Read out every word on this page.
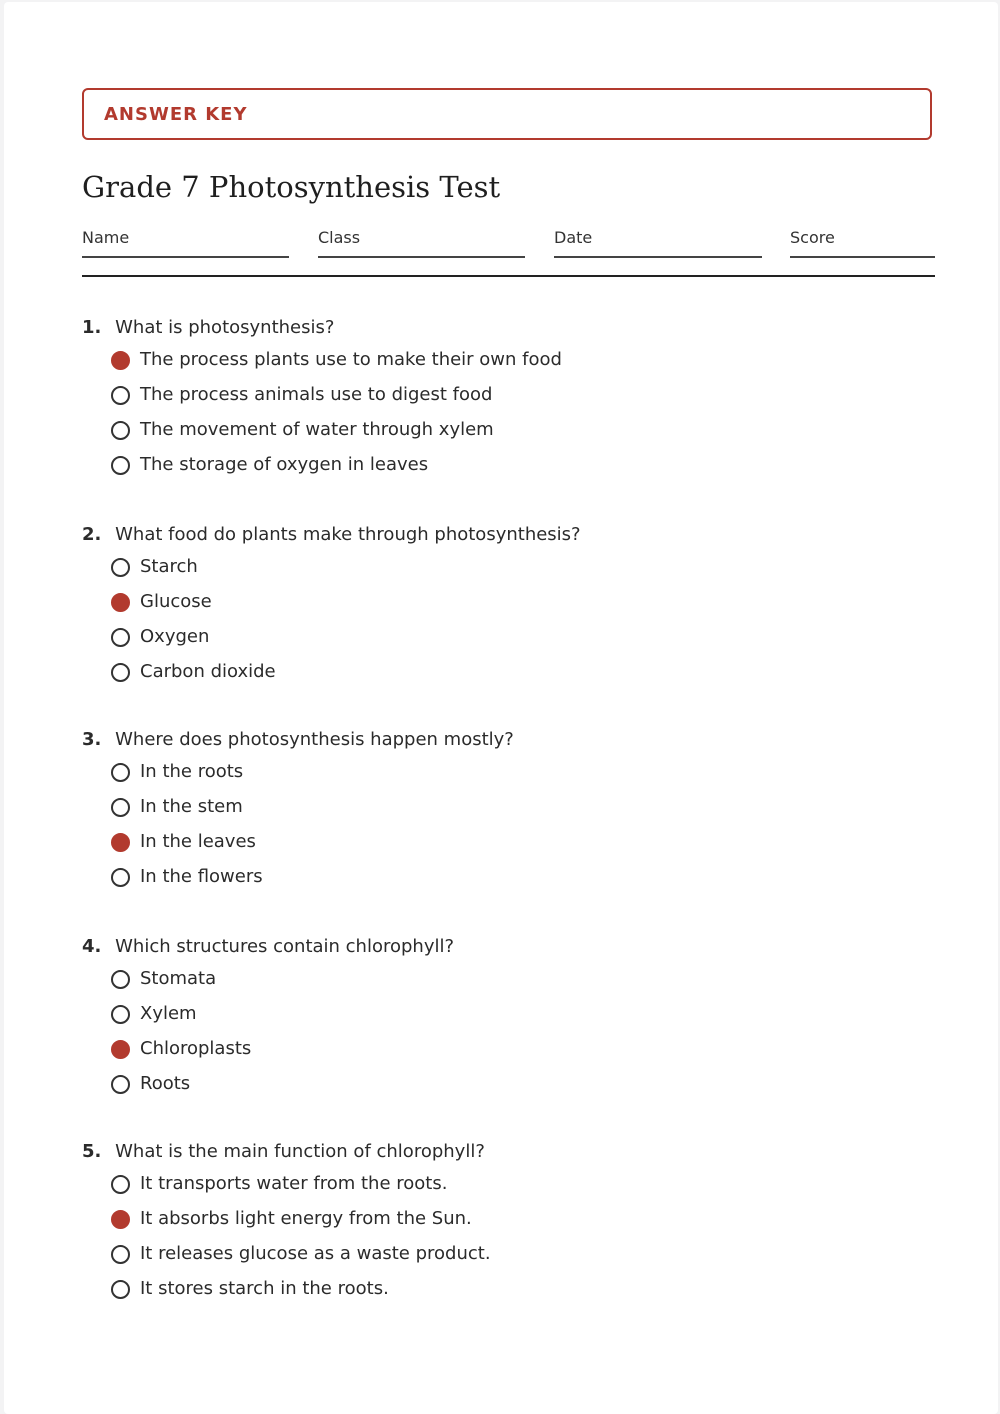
ANSWER KEY
Grade 7 Photosynthesis Test
Name	Class	Date	Score
1. What is photosynthesis?
The process plants use to make their own food
The process animals use to digest food
The movement of water through xylem
The storage of oxygen in leaves
2. What food do plants make through photosynthesis?
Starch
Glucose
Oxygen
Carbon dioxide
3. Where does photosynthesis happen mostly?
In the roots
In the stem
In the leaves
In the flowers
4. Which structures contain chlorophyll?
Stomata
Xylem
Chloroplasts
Roots
5. What is the main function of chlorophyll?
It transports water from the roots.
It absorbs light energy from the Sun.
It releases glucose as a waste product.
It stores starch in the roots.
